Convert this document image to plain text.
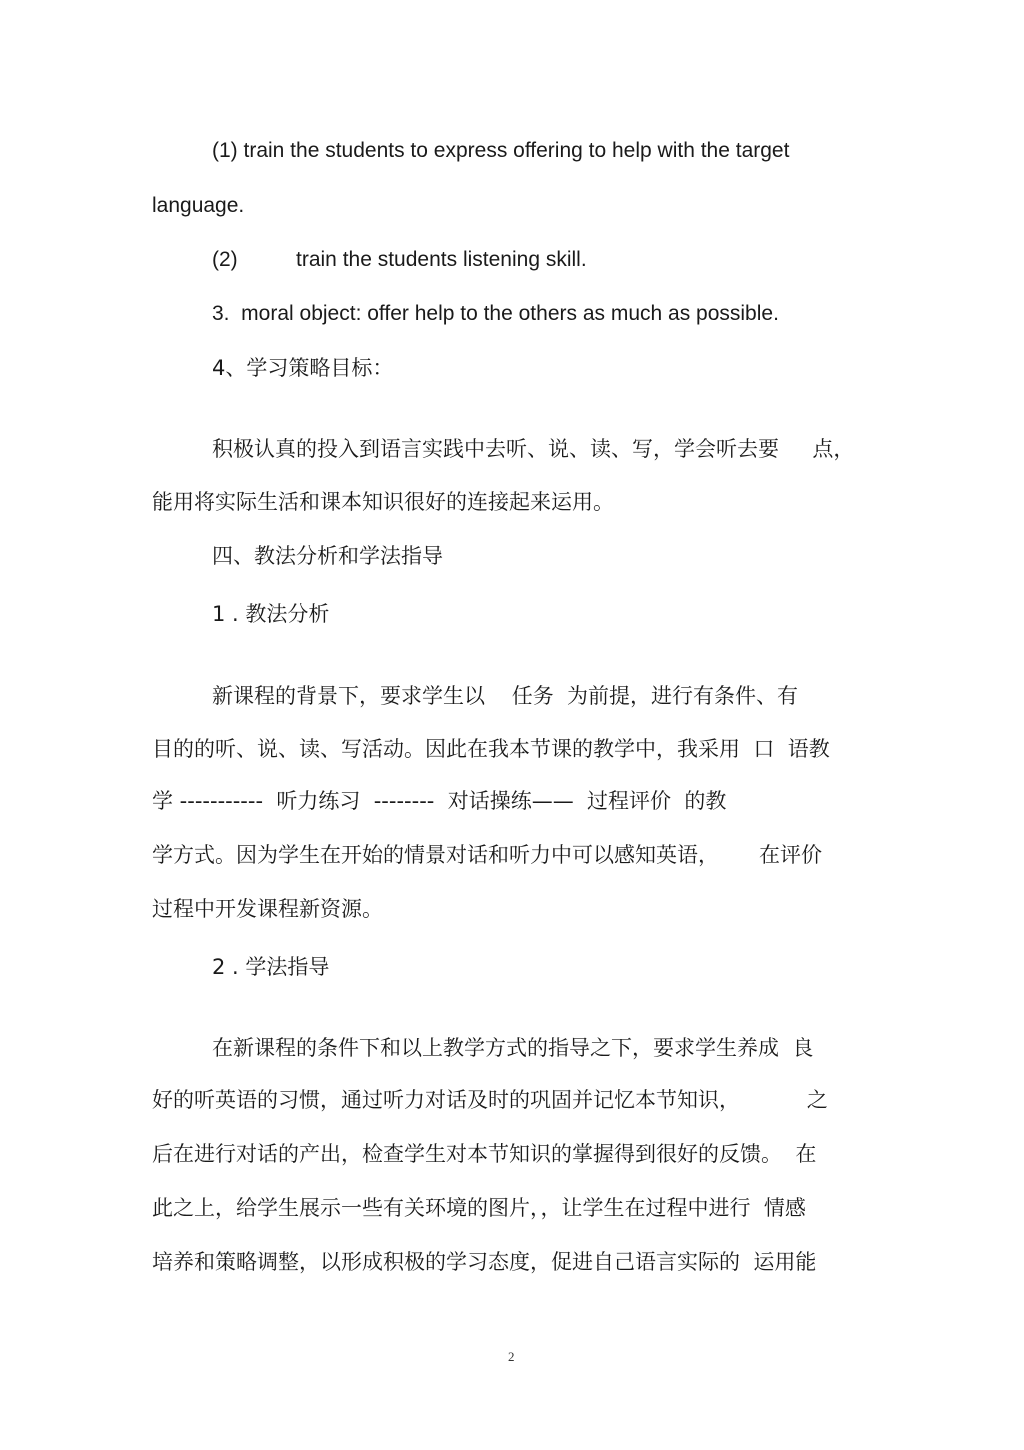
(1) train the students to express offering to help with the target
language.
(2)          train the students listening skill.
3.  moral object: offer help to the others as much as possible.
4、学习策略目标：
积极认真的投入到语言实践中去听、说、读、写，学会听去要     点，
能用将实际生活和课本知识很好的连接起来运用。
四、教法分析和学法指导
1 . 教法分析
新课程的背景下，要求学生以    任务  为前提，进行有条件、有
目的的听、说、读、写活动。因此在我本节课的教学中，我采用  口  语教
学 -----------  听力练习  --------  对话操练——  过程评价  的教
学方式。因为学生在开始的情景对话和听力中可以感知英语，      在评价
过程中开发课程新资源。
2 . 学法指导
在新课程的条件下和以上教学方式的指导之下，要求学生养成  良
好的听英语的习惯，通过听力对话及时的巩固并记忆本节知识，          之
后在进行对话的产出，检查学生对本节知识的掌握得到很好的反馈。  在
此之上，给学生展示一些有关环境的图片，，让学生在过程中进行  情感
培养和策略调整，以形成积极的学习态度，促进自己语言实际的  运用能
2
